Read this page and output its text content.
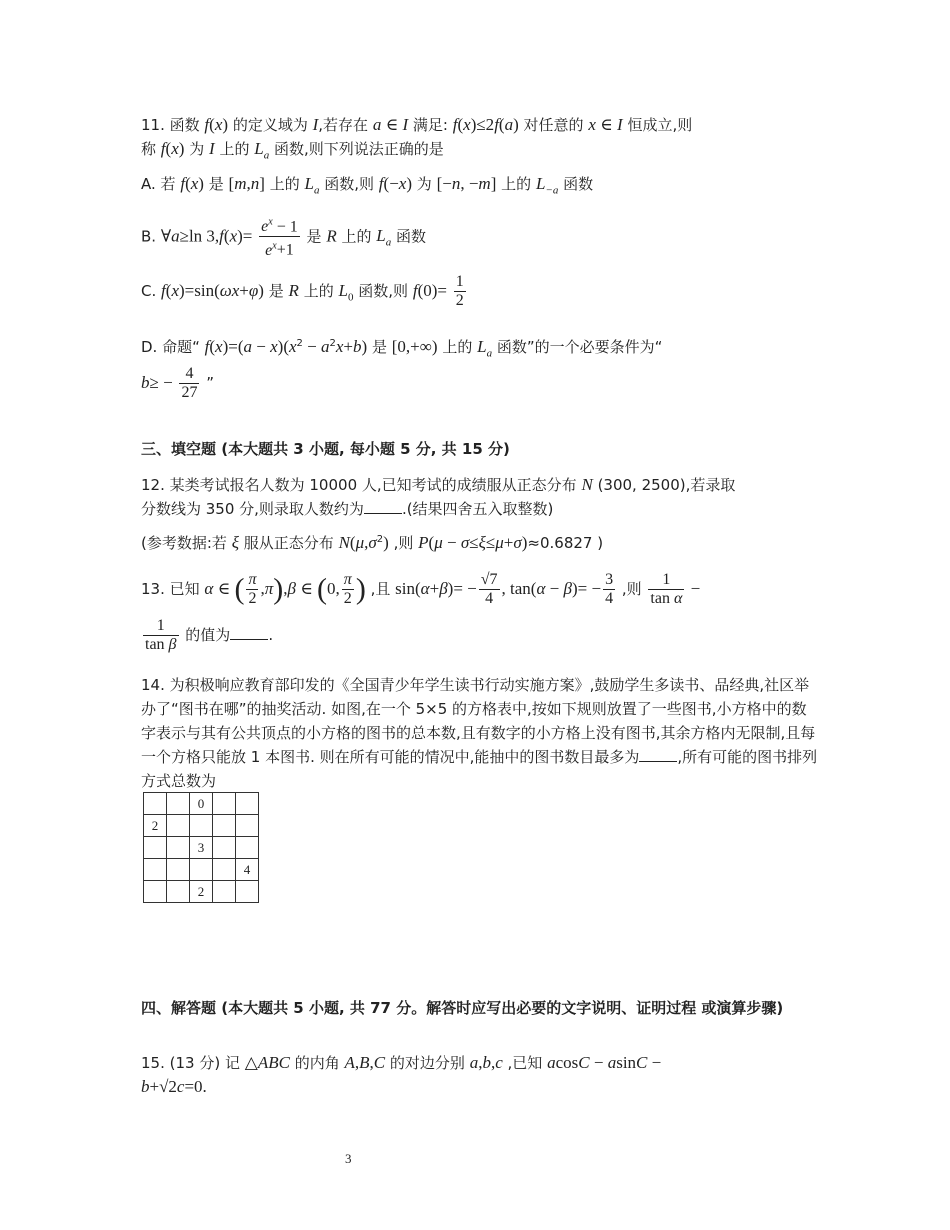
11. 函数 f(x) 的定义域为 I,若存在 a ∈ I 满足: f(x)≤2f(a) 对任意的 x ∈ I 恒成立,则
称 f(x) 为 I 上的 $L_a$ 函数,则下列说法正确的是
A. 若 f(x) 是 [m,n] 上的 $L_a$ 函数,则 f(−x) 为 [−n, −m] 上的 $L_{-a}$ 函数
B. ∀a≥ln $3,f(x)= \frac{e^x - 1}{e^x+1}$ 是 R 上的 $L_a$ 函数
C. f(x)=sin(ωx+φ) 是 R 上的 $L_0$ 函数,则 $f(0)= \frac{1}{2}$
D. 命题“ $f(x)=(a - x)(x^2 - a^2x+b)$ 是 [0,+∞) 上的 $L_a$ 函数”的一个必要条件为“
$b\ge - \frac{4}{27}$ ”
三、填空题 (本大题共 3 小题, 每小题 5 分, 共 15 分)
12. 某类考试报名人数为 10000 人,已知考试的成绩服从正态分布 N (300, 2500),若录取
分数线为 350 分,则录取人数约为	.(结果四舍五入取整数)
(参考数据:若 ξ 服从正态分布 $N(\mu,\sigma^2)$ ,则 P(μ − σ≤ξ≤μ+σ)≈0.6827 )
13. 已知 α ∈ ( $\frac{\pi}{2} ,\pi),\beta$ ∈ (0, $\frac{\pi}{2}$ ) ,且 $\sin(\alpha+\beta)= - \frac{√7}{4}$ , $\tan(\alpha - \beta)= - \frac{3}{4}$ ,则 $\frac{1}{\text{tan α}}$ −

$\frac{1}{\text{tan β}}$ 的值为	.
14. 为积极响应教育部印发的《全国青少年学生读书行动实施方案》,鼓励学生多读书、品经典,社区举办了“图书在哪”的抽奖活动. 如图,在一个 5×5 的方格表中,按如下规则放置了一些图书,小方格中的数字表示与其有公共顶点的小方格的图书的总本数,且有数字的小方格上没有图书,其余方格内无限制,且每一个方格只能放 1 本图书. 则在所有可能的情况中,能抽中的图书数目最多为	,所有可能的图书排列方式总数为
		0		
2				
		3		
				4
		2		
四、解答题 (本大题共 5 小题, 共 77 分。解答时应写出必要的文字说明、证明过程 或演算步骤)
15. (13 分) 记 △ABC 的内角 A,B,C 的对边分别 a,b,c ,已知 acosC − asinC −
b+√2c=0.
3
